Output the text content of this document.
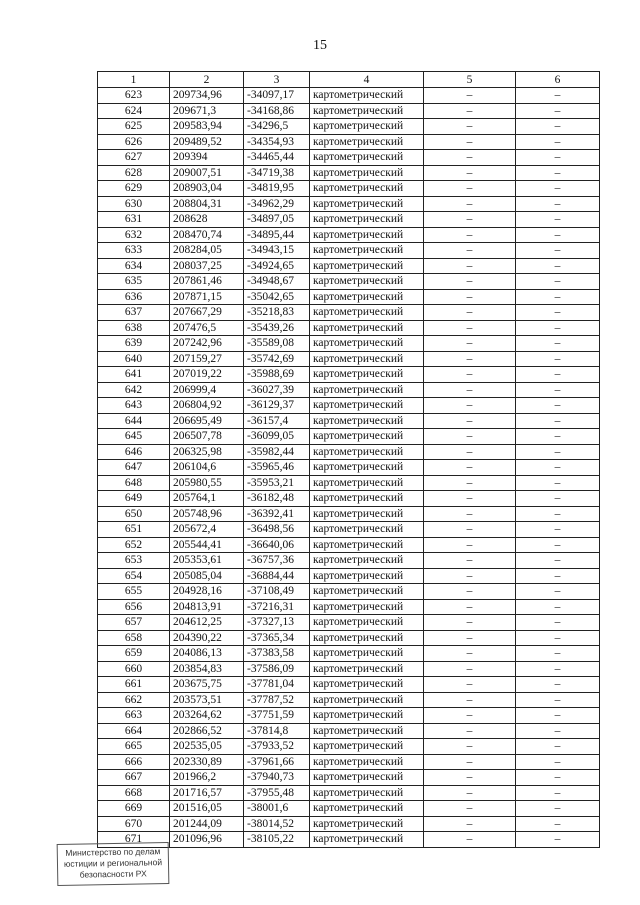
15
1	2	3	4	5	6
623	209734,96	-34097,17	картометрический	–	–
624	209671,3	-34168,86	картометрический	–	–
625	209583,94	-34296,5	картометрический	–	–
626	209489,52	-34354,93	картометрический	–	–
627	209394	-34465,44	картометрический	–	–
628	209007,51	-34719,38	картометрический	–	–
629	208903,04	-34819,95	картометрический	–	–
630	208804,31	-34962,29	картометрический	–	–
631	208628	-34897,05	картометрический	–	–
632	208470,74	-34895,44	картометрический	–	–
633	208284,05	-34943,15	картометрический	–	–
634	208037,25	-34924,65	картометрический	–	–
635	207861,46	-34948,67	картометрический	–	–
636	207871,15	-35042,65	картометрический	–	–
637	207667,29	-35218,83	картометрический	–	–
638	207476,5	-35439,26	картометрический	–	–
639	207242,96	-35589,08	картометрический	–	–
640	207159,27	-35742,69	картометрический	–	–
641	207019,22	-35988,69	картометрический	–	–
642	206999,4	-36027,39	картометрический	–	–
643	206804,92	-36129,37	картометрический	–	–
644	206695,49	-36157,4	картометрический	–	–
645	206507,78	-36099,05	картометрический	–	–
646	206325,98	-35982,44	картометрический	–	–
647	206104,6	-35965,46	картометрический	–	–
648	205980,55	-35953,21	картометрический	–	–
649	205764,1	-36182,48	картометрический	–	–
650	205748,96	-36392,41	картометрический	–	–
651	205672,4	-36498,56	картометрический	–	–
652	205544,41	-36640,06	картометрический	–	–
653	205353,61	-36757,36	картометрический	–	–
654	205085,04	-36884,44	картометрический	–	–
655	204928,16	-37108,49	картометрический	–	–
656	204813,91	-37216,31	картометрический	–	–
657	204612,25	-37327,13	картометрический	–	–
658	204390,22	-37365,34	картометрический	–	–
659	204086,13	-37383,58	картометрический	–	–
660	203854,83	-37586,09	картометрический	–	–
661	203675,75	-37781,04	картометрический	–	–
662	203573,51	-37787,52	картометрический	–	–
663	203264,62	-37751,59	картометрический	–	–
664	202866,52	-37814,8	картометрический	–	–
665	202535,05	-37933,52	картометрический	–	–
666	202330,89	-37961,66	картометрический	–	–
667	201966,2	-37940,73	картометрический	–	–
668	201716,57	-37955,48	картометрический	–	–
669	201516,05	-38001,6	картометрический	–	–
670	201244,09	-38014,52	картометрический	–	–
671	201096,96	-38105,22	картометрический	–	–
Министерство по делам
юстиции и региональной
безопасности РХ
